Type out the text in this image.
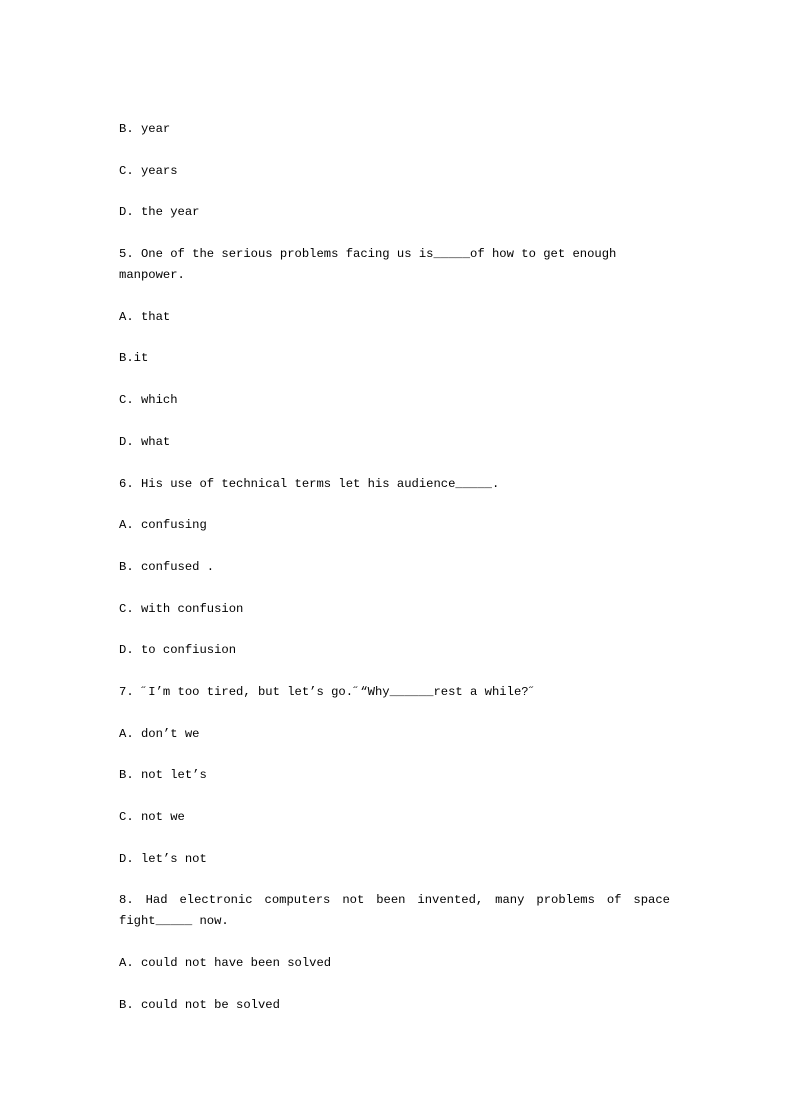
B. year

C. years

D. the year

5. One of the serious problems facing us is_____of how to get enough manpower.

A. that

B.it

C. which

D. what

6. His use of technical terms let his audience_____.

A. confusing

B. confused .

C. with confusion

D. to confiusion

7. ˝I’m too tired, but let’s go.˝“Why______rest a while?˝

A. don’t we

B. not let’s

C. not we

D. let’s not

8. Had electronic computers not been invented, many problems of space fight_____ now.

A. could not have been solved

B. could not be solved
